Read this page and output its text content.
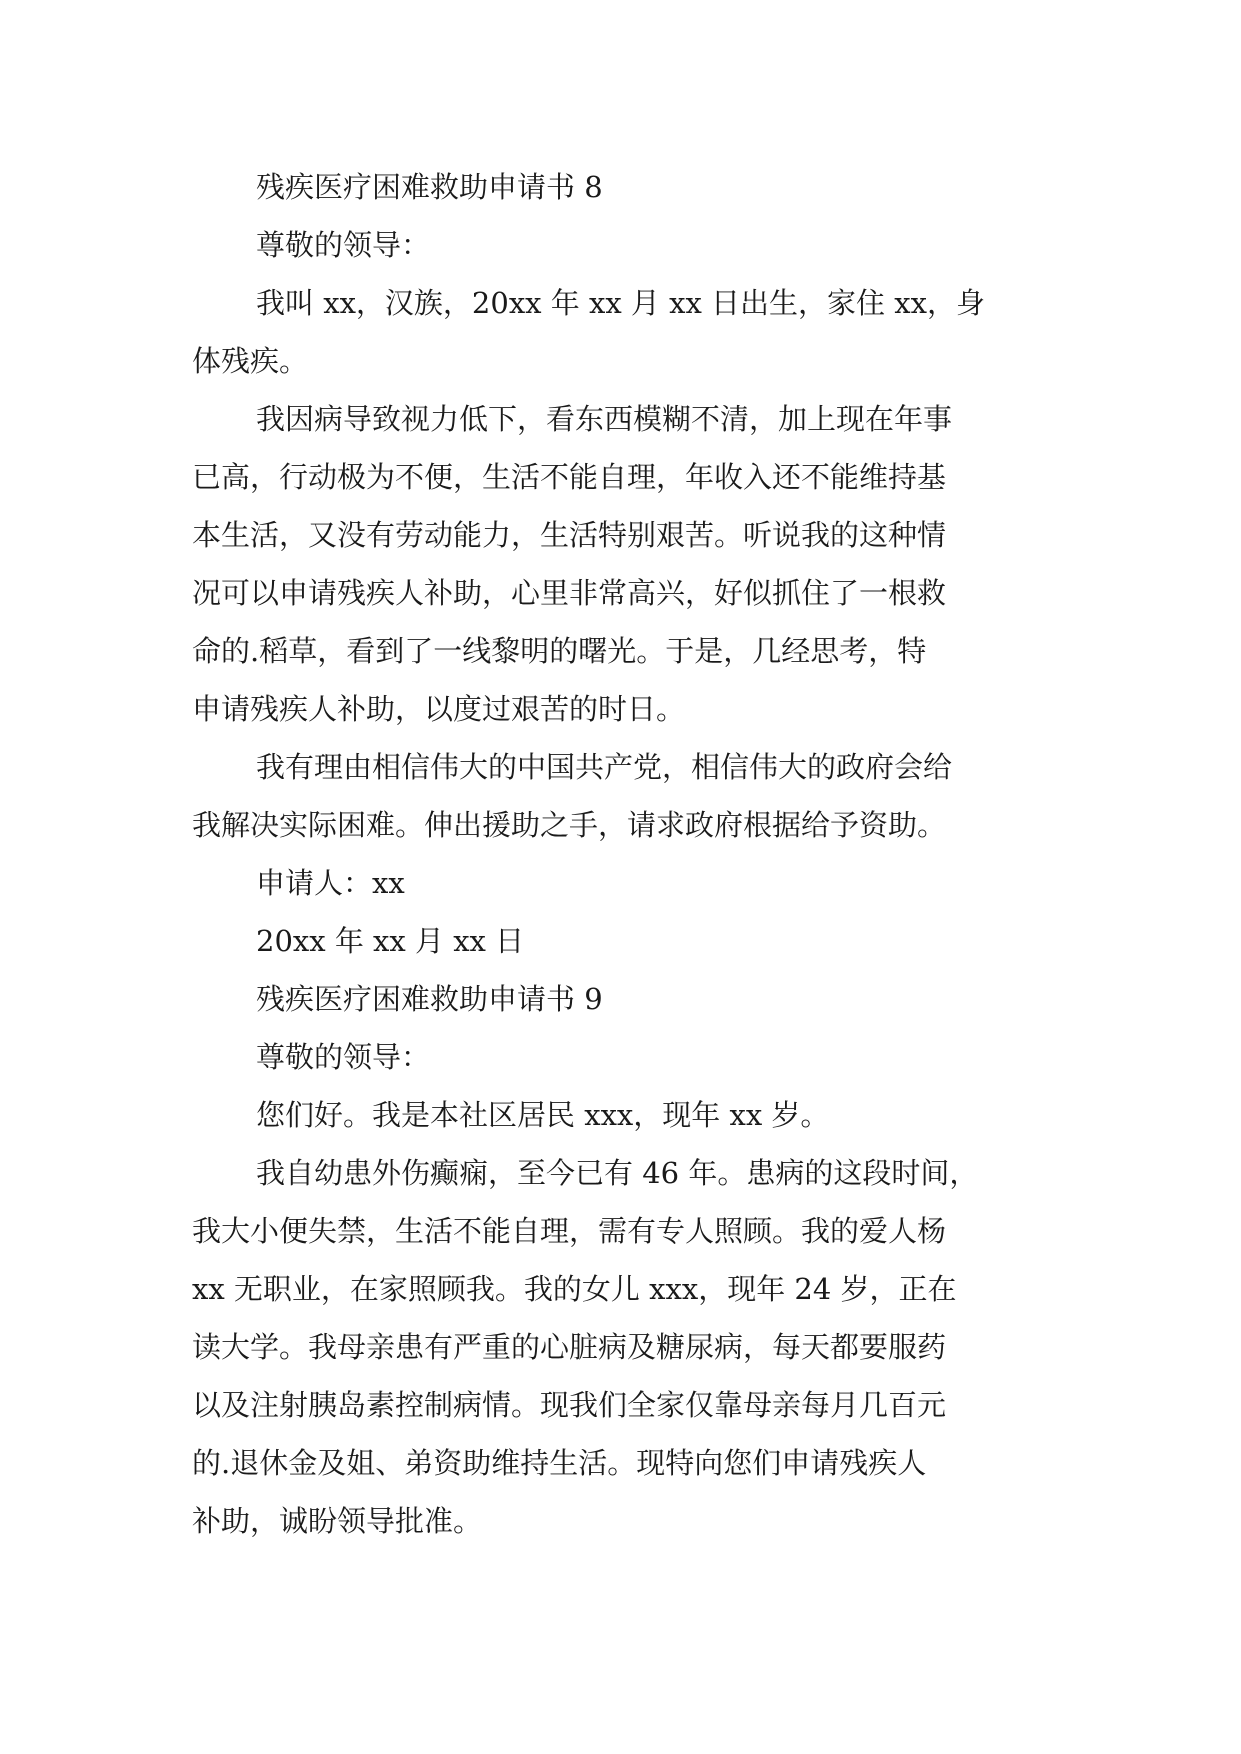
残疾医疗困难救助申请书 8
尊敬的领导：
我叫 xx，汉族，20xx 年 xx 月 xx 日出生，家住 xx，身
体残疾。
我因病导致视力低下，看东西模糊不清，加上现在年事
已高，行动极为不便，生活不能自理，年收入还不能维持基
本生活，又没有劳动能力，生活特别艰苦。听说我的这种情
况可以申请残疾人补助，心里非常高兴，好似抓住了一根救
命的.稻草，看到了一线黎明的曙光。于是，几经思考，特
申请残疾人补助，以度过艰苦的时日。
我有理由相信伟大的中国共产党，相信伟大的政府会给
我解决实际困难。伸出援助之手，请求政府根据给予资助。
申请人：xx
20xx 年 xx 月 xx 日
残疾医疗困难救助申请书 9
尊敬的领导：
您们好。我是本社区居民 xxx，现年 xx 岁。
我自幼患外伤癫痫，至今已有 46 年。患病的这段时间，
我大小便失禁，生活不能自理，需有专人照顾。我的爱人杨
xx 无职业，在家照顾我。我的女儿 xxx，现年 24 岁，正在
读大学。我母亲患有严重的心脏病及糖尿病，每天都要服药
以及注射胰岛素控制病情。现我们全家仅靠母亲每月几百元
的.退休金及姐、弟资助维持生活。现特向您们申请残疾人
补助，诚盼领导批准。
